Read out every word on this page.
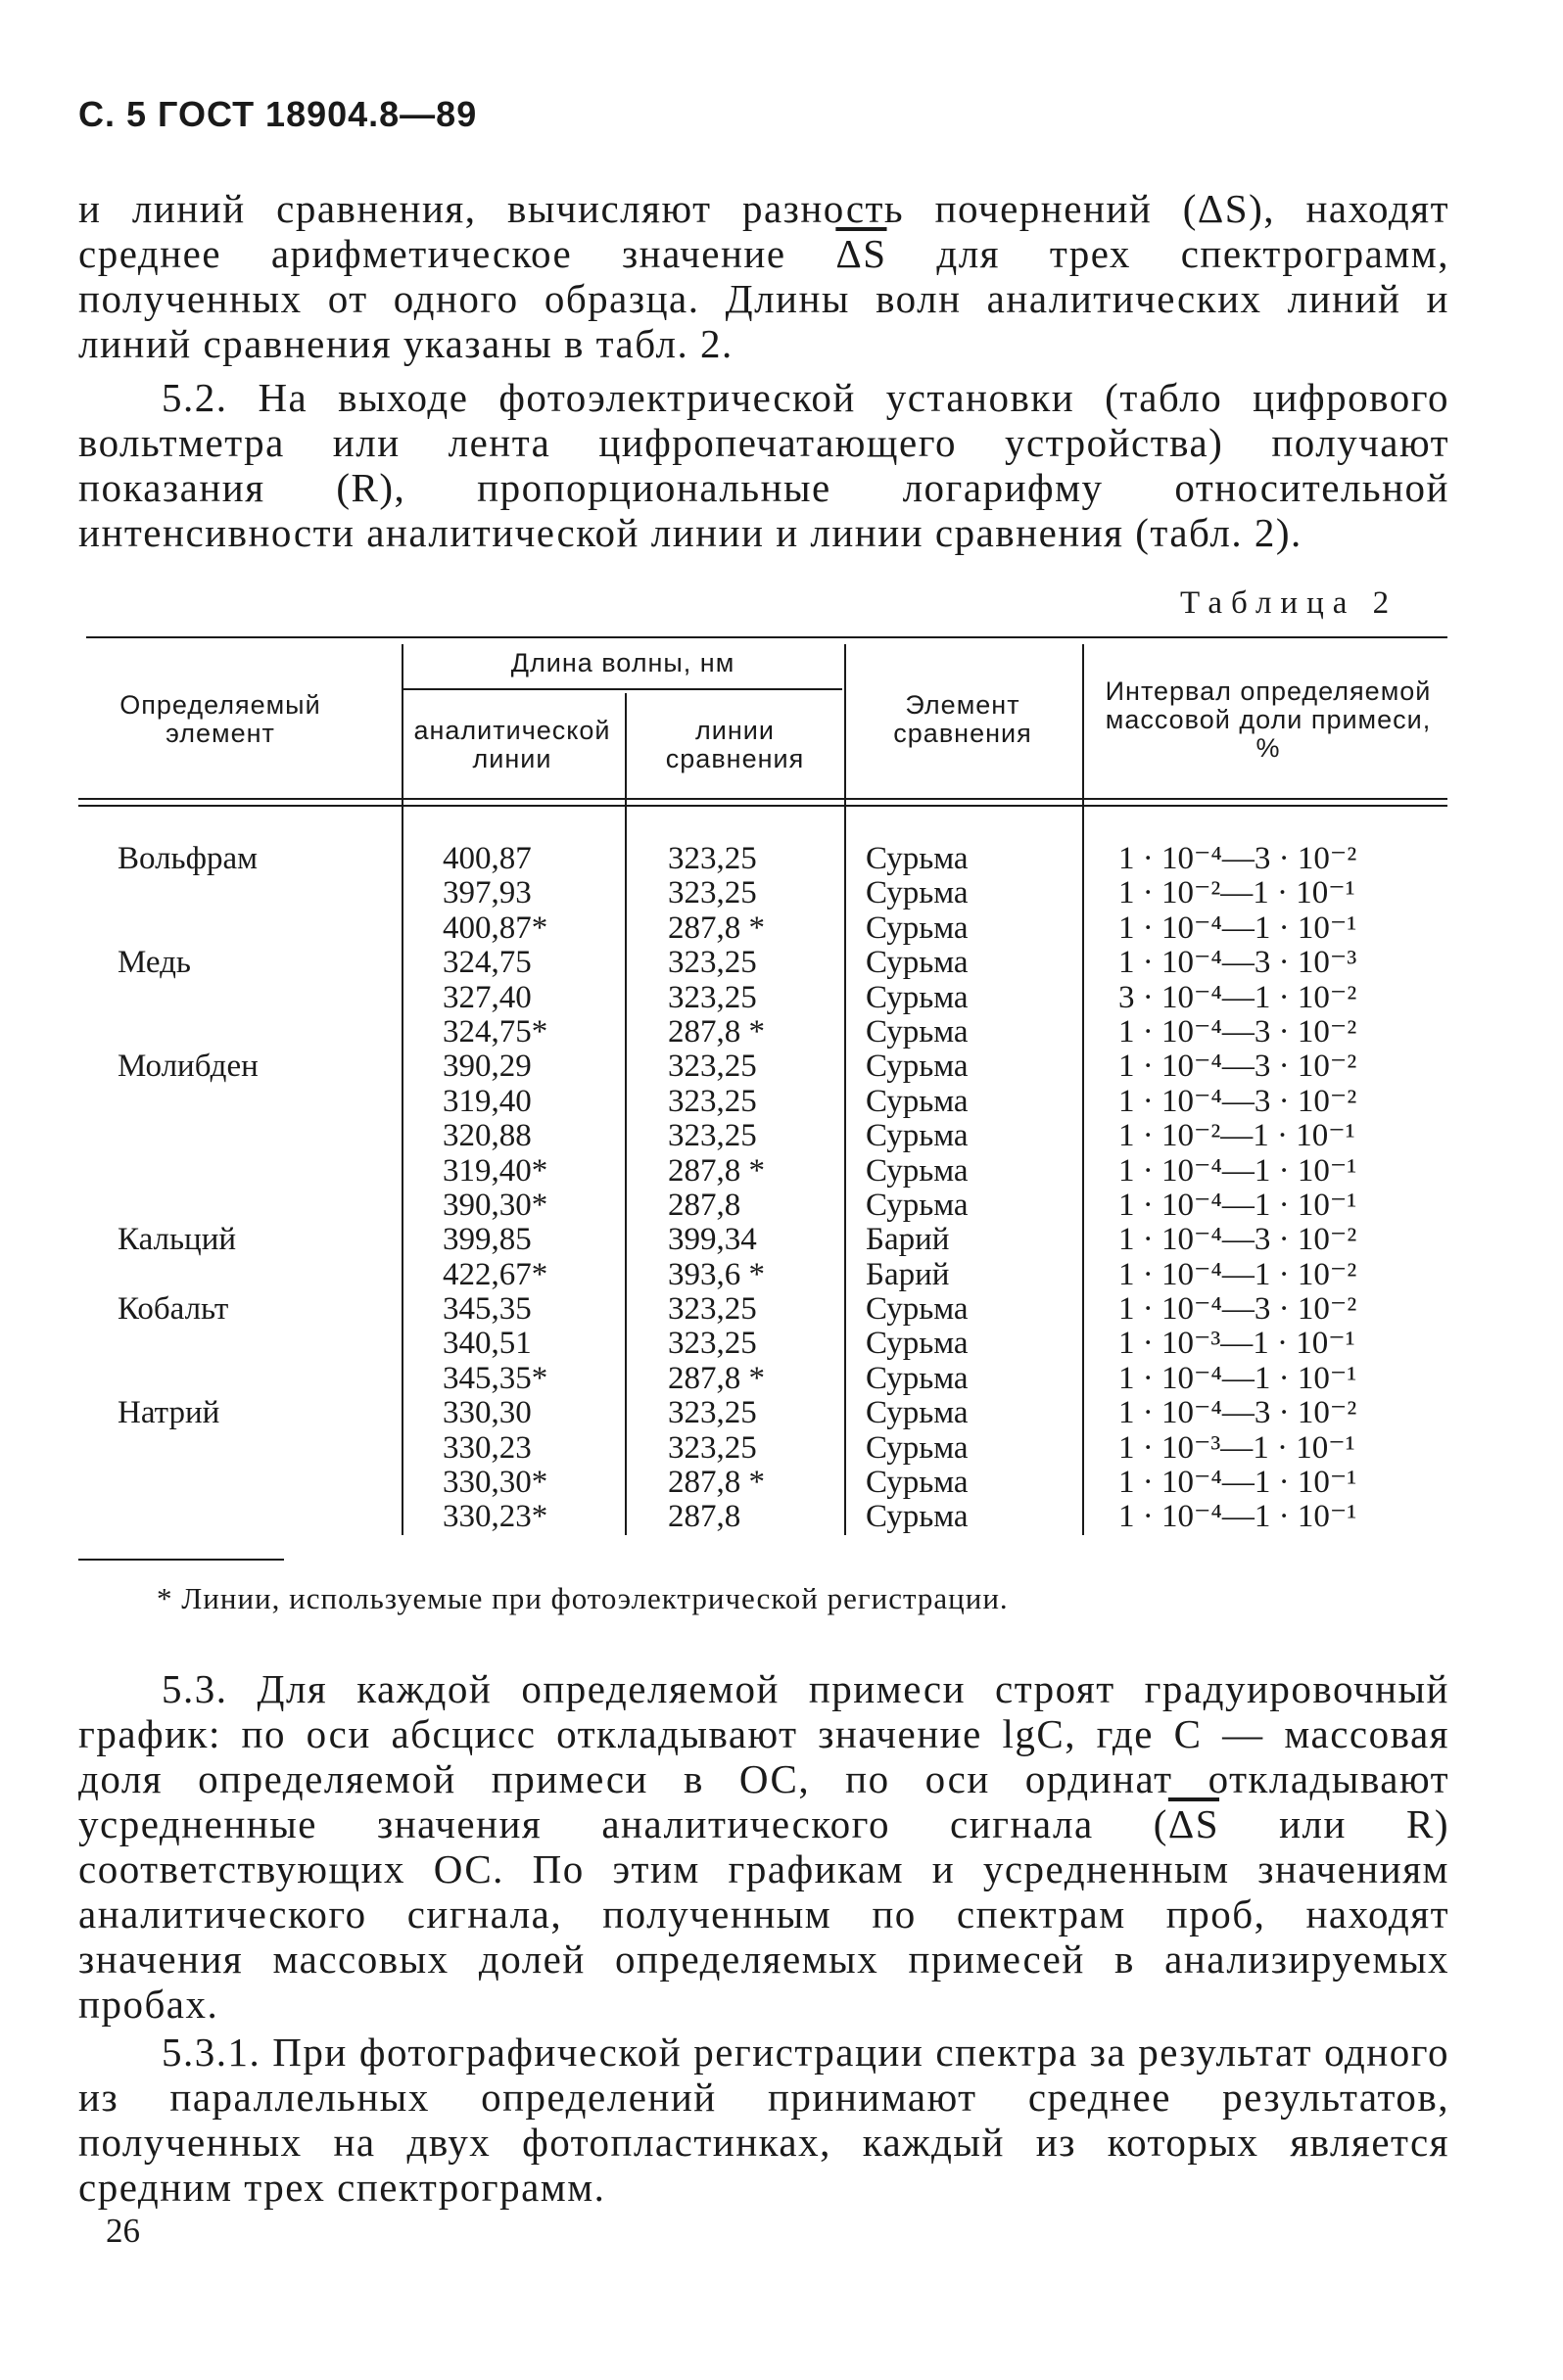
С. 5 ГОСТ 18904.8—89
и линий сравнения, вычисляют разность почернений (ΔS), находят среднее арифметическое значение $\overline{\Delta S}$ для трех спектрограмм, полученных от одного образца. Длины волн аналитических линий и линий сравнения указаны в табл. 2.
5.2. На выходе фотоэлектрической установки (табло цифрового вольтметра или лента цифропечатающего устройства) получают показания (R), пропорциональные логарифму относительной интенсивности аналитической линии и линии сравнения (табл. 2).
Таблица 2
Определяемый элемент
Длина волны, нм
аналитической линии
линии сравнения
Элемент сравнения
Интервал определяемой массовой доли примеси, %
Вольфрам
Медь
Молибден
Кальций
Кобальт
Натрий
400,87
397,93
400,87*
324,75
327,40
324,75*
390,29
319,40
320,88
319,40*
390,30*
399,85
422,67*
345,35
340,51
345,35*
330,30
330,23
330,30*
330,23*
323,25
323,25
287,8 *
323,25
323,25
287,8 *
323,25
323,25
323,25
287,8 *
287,8
399,34
393,6 *
323,25
323,25
287,8 *
323,25
323,25
287,8 *
287,8
Сурьма
Сурьма
Сурьма
Сурьма
Сурьма
Сурьма
Сурьма
Сурьма
Сурьма
Сурьма
Сурьма
Барий
Барий
Сурьма
Сурьма
Сурьма
Сурьма
Сурьма
Сурьма
Сурьма
1 · 10⁻⁴—3 · 10⁻²
1 · 10⁻²—1 · 10⁻¹
1 · 10⁻⁴—1 · 10⁻¹
1 · 10⁻⁴—3 · 10⁻³
3 · 10⁻⁴—1 · 10⁻²
1 · 10⁻⁴—3 · 10⁻²
1 · 10⁻⁴—3 · 10⁻²
1 · 10⁻⁴—3 · 10⁻²
1 · 10⁻²—1 · 10⁻¹
1 · 10⁻⁴—1 · 10⁻¹
1 · 10⁻⁴—1 · 10⁻¹
1 · 10⁻⁴—3 · 10⁻²
1 · 10⁻⁴—1 · 10⁻²
1 · 10⁻⁴—3 · 10⁻²
1 · 10⁻³—1 · 10⁻¹
1 · 10⁻⁴—1 · 10⁻¹
1 · 10⁻⁴—3 · 10⁻²
1 · 10⁻³—1 · 10⁻¹
1 · 10⁻⁴—1 · 10⁻¹
1 · 10⁻⁴—1 · 10⁻¹
* Линии, используемые при фотоэлектрической регистрации.
5.3. Для каждой определяемой примеси строят градуировочный график: по оси абсцисс откладывают значение lgC, где C — массовая доля определяемой примеси в ОС, по оси ординат откладывают усредненные значения аналитического сигнала ($\overline{\Delta S}$ или R) соответствующих ОС. По этим графикам и усредненным значениям аналитического сигнала, полученным по спектрам проб, находят значения массовых долей определяемых примесей в анализируемых пробах.
5.3.1. При фотографической регистрации спектра за результат одного из параллельных определений принимают среднее результатов, полученных на двух фотопластинках, каждый из которых является средним трех спектрограмм.
26
